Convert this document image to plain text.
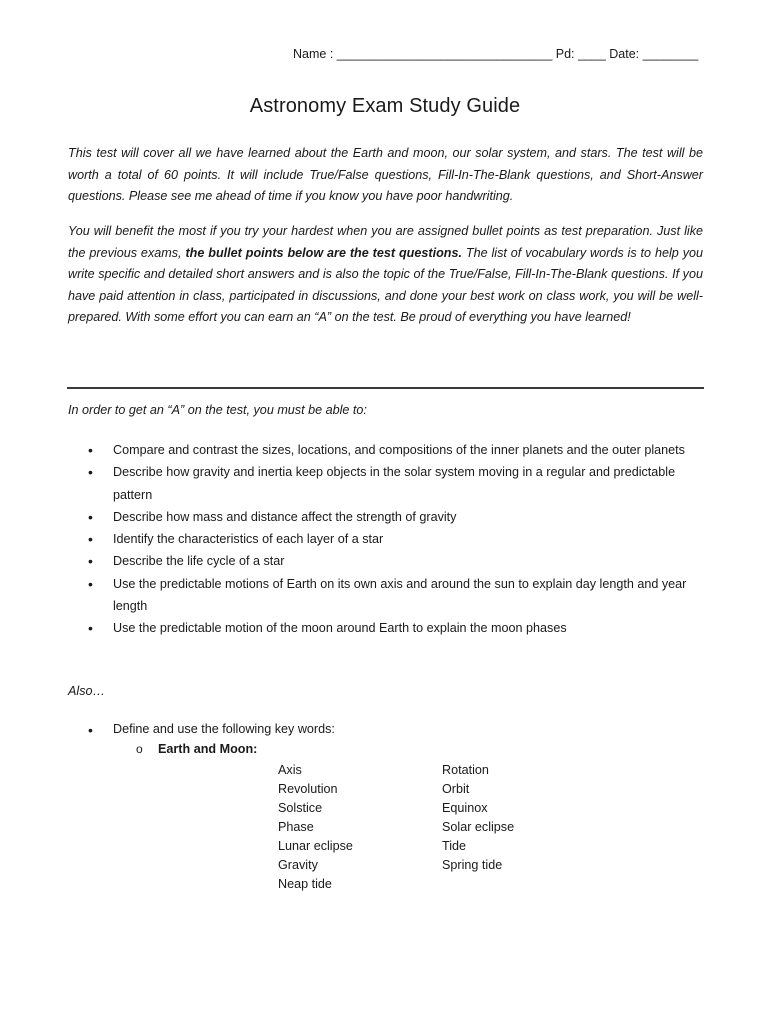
Name : _______________________________ Pd: ____ Date: ________
Astronomy Exam Study Guide
This test will cover all we have learned about the Earth and moon, our solar system, and stars. The test will be worth a total of 60 points. It will include True/False questions, Fill-In-The-Blank questions, and Short-Answer questions. Please see me ahead of time if you know you have poor handwriting.
You will benefit the most if you try your hardest when you are assigned bullet points as test preparation. Just like the previous exams, the bullet points below are the test questions. The list of vocabulary words is to help you write specific and detailed short answers and is also the topic of the True/False, Fill-In-The-Blank questions. If you have paid attention in class, participated in discussions, and done your best work on class work, you will be well-prepared. With some effort you can earn an “A” on the test. Be proud of everything you have learned!
In order to get an “A” on the test, you must be able to:
• Compare and contrast the sizes, locations, and compositions of the inner planets and the outer planets
• Describe how gravity and inertia keep objects in the solar system moving in a regular and predictable pattern
• Describe how mass and distance affect the strength of gravity
• Identify the characteristics of each layer of a star
• Describe the life cycle of a star
• Use the predictable motions of Earth on its own axis and around the sun to explain day length and year length
• Use the predictable motion of the moon around Earth to explain the moon phases
Also…
• Define and use the following key words:
o Earth and Moon:
Axis
Revolution
Solstice
Phase
Lunar eclipse
Gravity
Neap tide
Rotation
Orbit
Equinox
Solar eclipse
Tide
Spring tide
